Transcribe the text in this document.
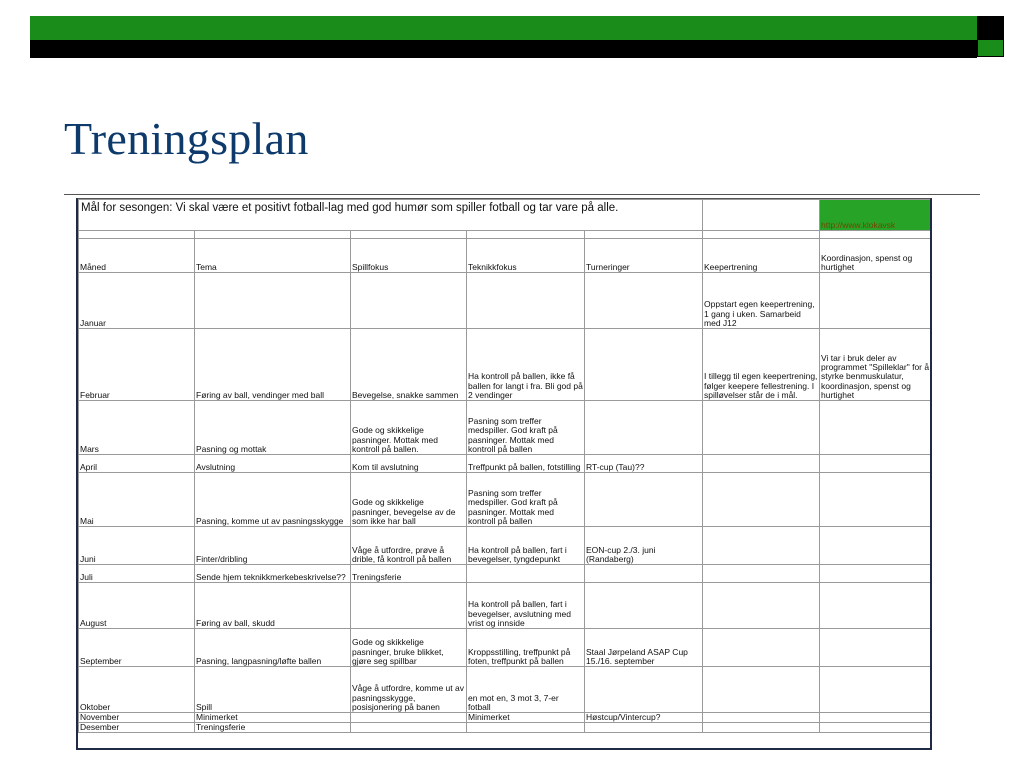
Treningsplan
Mål for sesongen: Vi skal være et positivt fotball-lag med god humør som spiller fotball og tar vare på alle.						http://www.klokavsk

Måned	Tema	Spillfokus	Teknikkfokus	Turneringer	Keepertrening	Koordinasjon, spenst og hurtighet
Januar					Oppstart egen keepertrening, 1 gang i uken. Samarbeid med J12	
Februar	Føring av ball, vendinger med ball	Bevegelse, snakke sammen	Ha kontroll på ballen, ikke få ballen for langt i fra. Bli god på 2 vendinger		I tillegg til egen keepertrening, følger keepere fellestrening. I spilløvelser står de i mål.	Vi tar i bruk deler av programmet "Spilleklar" for å styrke benmuskulatur, koordinasjon, spenst og hurtighet
Mars	Pasning og mottak	Gode og skikkelige pasninger. Mottak med kontroll på ballen.	Pasning som treffer medspiller. God kraft på pasninger. Mottak med kontroll på ballen			
April	Avslutning	Kom til avslutning	Treffpunkt på ballen, fotstilling	RT-cup (Tau)??		
Mai	Pasning, komme ut av pasningsskygge	Gode og skikkelige pasninger, bevegelse av de som ikke har ball	Pasning som treffer medspiller. God kraft på pasninger. Mottak med kontroll på ballen			
Juni	Finter/dribling	Våge å utfordre, prøve å drible, få kontroll på ballen	Ha kontroll på ballen, fart i bevegelser, tyngdepunkt	EON-cup 2./3. juni (Randaberg)		
Juli	Sende hjem teknikkmerkebeskrivelse??	Treningsferie				
August	Føring av ball, skudd		Ha kontroll på ballen, fart i bevegelser, avslutning med vrist og innside			
September	Pasning, langpasning/løfte ballen	Gode og skikkelige pasninger, bruke blikket, gjøre seg spillbar	Kroppsstilling, treffpunkt på foten, treffpunkt på ballen	Staal Jørpeland ASAP Cup 15./16. september		
Oktober	Spill	Våge å utfordre, komme ut av pasningsskygge, posisjonering på banen	en mot en, 3 mot 3, 7-er fotball			
November	Minimerket		Minimerket	Høstcup/Vintercup?		
Desember	Treningsferie					
